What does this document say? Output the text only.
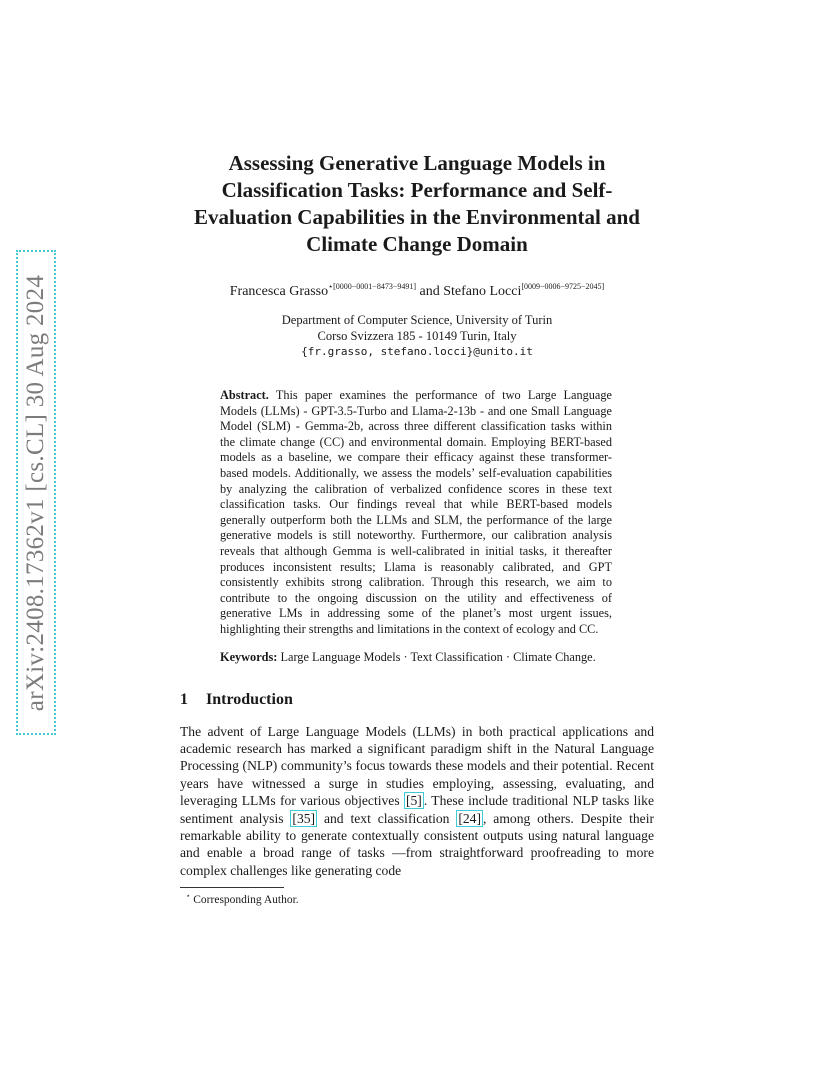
arXiv:2408.17362v1 [cs.CL] 30 Aug 2024
Assessing Generative Language Models in Classification Tasks: Performance and Self-Evaluation Capabilities in the Environmental and Climate Change Domain
Francesca Grasso$^{⋆[0000-0001-8473-9491]}$ and Stefano Locci[0009−0006−9725−2045]
Department of Computer Science, University of Turin
Corso Svizzera 185 - 10149 Turin, Italy
{fr.grasso, stefano.locci}@unito.it
Abstract. This paper examines the performance of two Large Language Models (LLMs) - GPT-3.5-Turbo and Llama-2-13b - and one Small Language Model (SLM) - Gemma-2b, across three different classification tasks within the climate change (CC) and environmental domain. Employing BERT-based models as a baseline, we compare their efficacy against these transformer-based models. Additionally, we assess the models’ self-evaluation capabilities by analyzing the calibration of verbalized confidence scores in these text classification tasks. Our findings reveal that while BERT-based models generally outperform both the LLMs and SLM, the performance of the large generative models is still noteworthy. Furthermore, our calibration analysis reveals that although Gemma is well-calibrated in initial tasks, it thereafter produces inconsistent results; Llama is reasonably calibrated, and GPT consistently exhibits strong calibration. Through this research, we aim to contribute to the ongoing discussion on the utility and effectiveness of generative LMs in addressing some of the planet’s most urgent issues, highlighting their strengths and limitations in the context of ecology and CC.
Keywords: Large Language Models · Text Classification · Climate Change.
1 Introduction
The advent of Large Language Models (LLMs) in both practical applications and academic research has marked a significant paradigm shift in the Natural Language Processing (NLP) community’s focus towards these models and their potential. Recent years have witnessed a surge in studies employing, assessing, evaluating, and leveraging LLMs for various objectives [5] . These include traditional NLP tasks like sentiment analysis [35] and text classification [24] , among others. Despite their remarkable ability to generate contextually consistent outputs using natural language and enable a broad range of tasks —from straightforward proofreading to more complex challenges like generating code
⋆ Corresponding Author.
